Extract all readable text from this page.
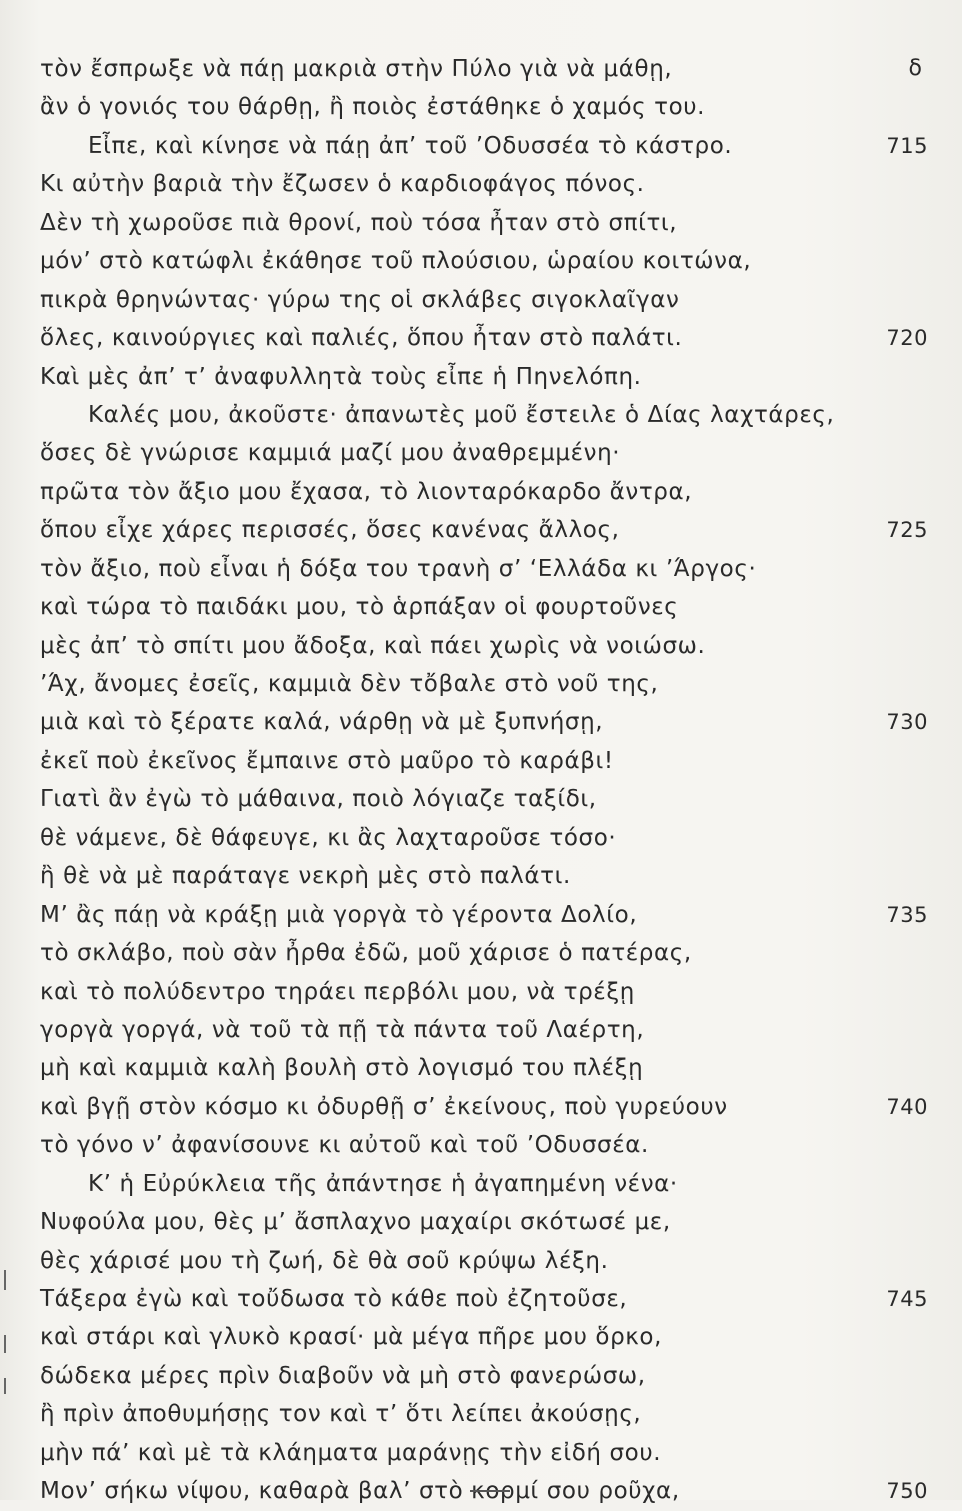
τὸν ἔσπρωξε νὰ πάῃ μακριὰ στὴν Πύλο γιὰ νὰ μάθῃ,	δ
ἂν ὁ γονιός του θάρθῃ, ἢ ποιὸς ἐστάθηκε ὁ χαμός του.
Εἶπε, καὶ κίνησε νὰ πάῃ ἀπ’ τοῦ ’Οδυσσέα τὸ κάστρο.	715
Κι αὐτὴν βαριὰ τὴν ἔζωσεν ὁ καρδιοφάγος πόνος.
Δὲν τὴ χωροῦσε πιὰ θρονί, ποὺ τόσα ἦταν στὸ σπίτι,
μόν’ στὸ κατώφλι ἐκάθησε τοῦ πλούσιου, ὡραίου κοιτώνα,
πικρὰ θρηνώντας· γύρω της οἱ σκλάβες σιγοκλαῖγαν
ὅλες, καινούργιες καὶ παλιές, ὅπου ἦταν στὸ παλάτι.	720
Καὶ μὲς ἀπ’ τ’ ἀναφυλλητὰ τοὺς εἶπε ἡ Πηνελόπη.
Καλές μου, ἀκοῦστε· ἀπανωτὲς μοῦ ἔστειλε ὁ Δίας λαχτάρες,
ὅσες δὲ γνώρισε καμμιά μαζί μου ἀναθρεμμένη·
πρῶτα τὸν ἄξιο μου ἔχασα, τὸ λιονταρόκαρδο ἄντρα,
ὅπου εἶχε χάρες περισσές, ὅσες κανένας ἄλλος,	725
τὸν ἄξιο, ποὺ εἶναι ἡ δόξα του τρανὴ σ’ ‘Ελλάδα κι ’Άργος·
καὶ τώρα τὸ παιδάκι μου, τὸ ἁρπάξαν οἱ φουρτοῦνες
μὲς ἀπ’ τὸ σπίτι μου ἄδοξα, καὶ πάει χωρὶς νὰ νοιώσω.
’Άχ, ἄνομες ἐσεῖς, καμμιὰ δὲν τὄβαλε στὸ νοῦ της,
μιὰ καὶ τὸ ξέρατε καλά, νάρθῃ νὰ μὲ ξυπνήσῃ,	730
ἐκεῖ ποὺ ἐκεῖνος ἔμπαινε στὸ μαῦρο τὸ καράβι!
Γιατὶ ἂν ἐγὼ τὸ μάθαινα, ποιὸ λόγιαζε ταξίδι,
θὲ νάμενε, δὲ θάφευγε, κι ἂς λαχταροῦσε τόσο·
ἢ θὲ νὰ μὲ παράταγε νεκρὴ μὲς στὸ παλάτι.
Μ’ ἂς πάῃ νὰ κράξῃ μιὰ γοργὰ τὸ γέροντα Δολίο,	735
τὸ σκλάβο, ποὺ σὰν ἦρθα ἐδῶ, μοῦ χάρισε ὁ πατέρας,
καὶ τὸ πολύδεντρο τηράει περβόλι μου, νὰ τρέξῃ
γοργὰ γοργά, νὰ τοῦ τὰ πῇ τὰ πάντα τοῦ Λαέρτη,
μὴ καὶ καμμιὰ καλὴ βουλὴ στὸ λογισμό του πλέξῃ
καὶ βγῇ στὸν κόσμο κι ὀδυρθῇ σ’ ἐκείνους, ποὺ γυρεύουν	740
τὸ γόνο ν’ ἀφανίσουνε κι αὐτοῦ καὶ τοῦ ’Οδυσσέα.
Κ’ ἡ Εὐρύκλεια τῆς ἀπάντησε ἡ ἀγαπημένη νένα·
Νυφούλα μου, θὲς μ’ ἄσπλαχνο μαχαίρι σκότωσέ με,
θὲς χάρισέ μου τὴ ζωή, δὲ θὰ σοῦ κρύψω λέξη.
Τάξερα ἐγὼ καὶ τοὔδωσα τὸ κάθε ποὺ ἐζητοῦσε,	745
καὶ στάρι καὶ γλυκὸ κρασί· μὰ μέγα πῆρε μου ὅρκο,
δώδεκα μέρες πρὶν διαβοῦν νὰ μὴ στὸ φανερώσω,
ἢ πρὶν ἀποθυμήσῃς τον καὶ τ’ ὅτι λείπει ἀκούσῃς,
μὴν πά’ καὶ μὲ τὰ κλάηματα μαράνῃς τὴν εἰδή σου.
Μον’ σήκω νίψου, καθαρὰ βαλ’ στὸ κορμί σου ροῦχα,	750
